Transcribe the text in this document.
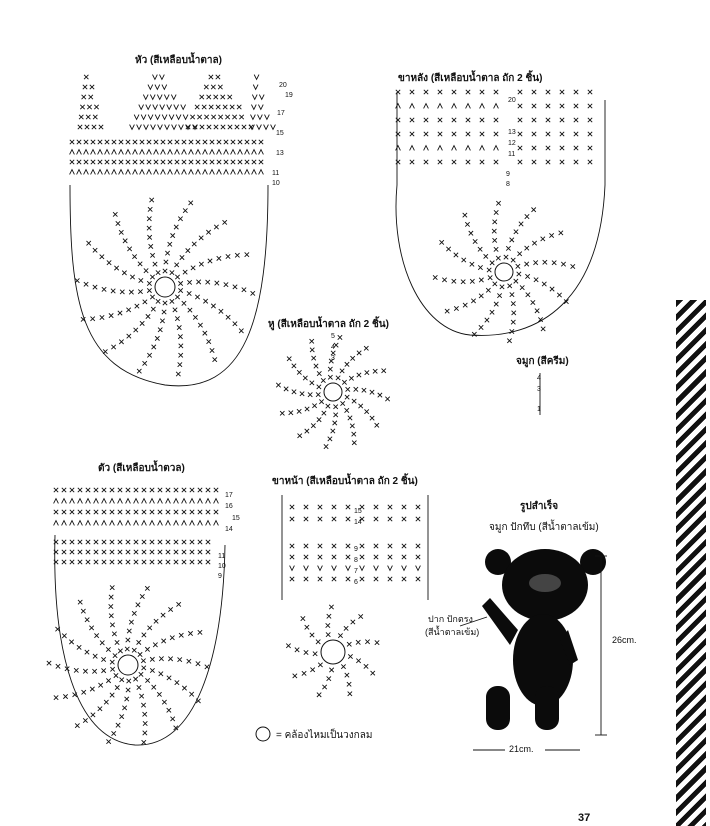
หัว (สีเหลือบน้ำตาล)
ขาหลัง (สีเหลือบน้ำตาล ถัก 2 ชิ้น)
หู (สีเหลือบน้ำตาล ถัก 2 ชิ้น)
จมูก (สีครีม)
ตัว (สีเหลือบน้ำตวล)
ขาหน้า (สีเหลือบน้ำตาล ถัก 2 ชิ้น)
รูปสำเร็จ
จมูก ปักทึบ (สีน้ำตาลเข้ม)
ปาก ปักตรง
(สีน้ำตาลเข้ม)
26cm.
21cm.
= คล้องไหมเป็นวงกลม
20
19
17
15
13
11
10
20
13
12
11
9
8
17
16
15
14
11
10
9
15
14
9
8
7
6
5
4
3
4
3
1
37
